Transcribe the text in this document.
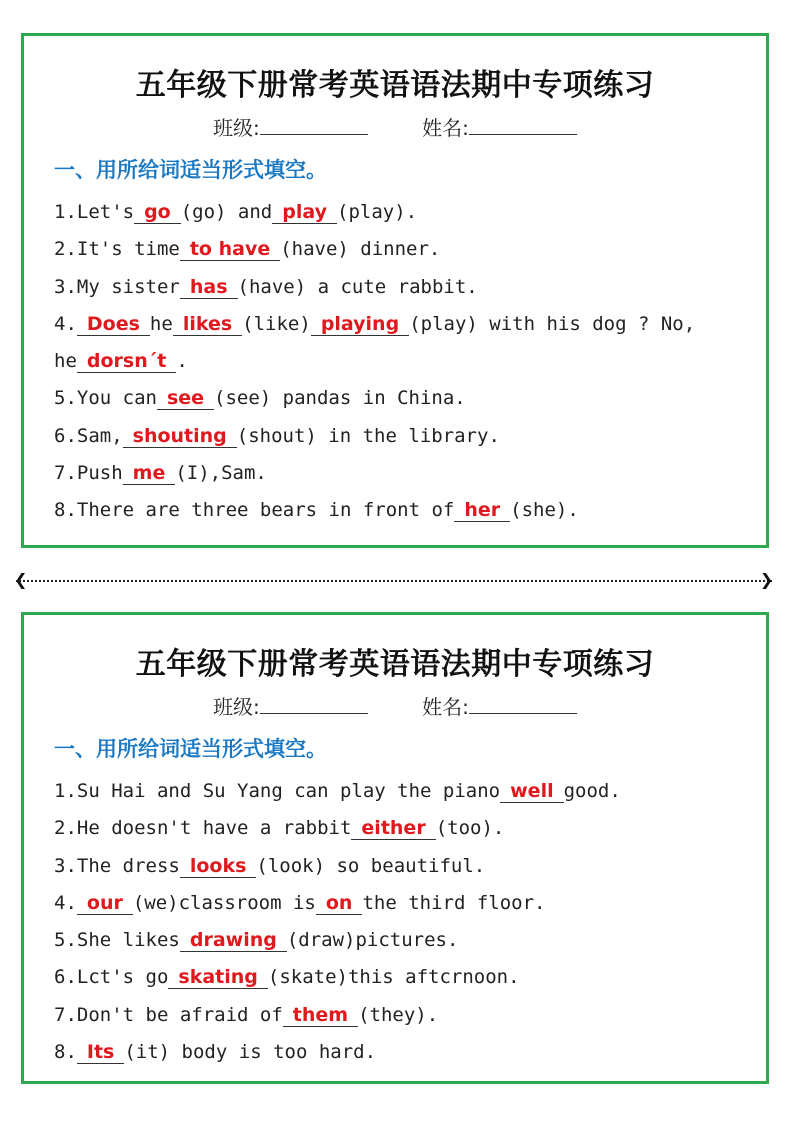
五年级下册常考英语语法期中专项练习
班级:	姓名:
一、用所给词适当形式填空。
1.Let's go (go) and play (play).
2.It's time to have (have) dinner.
3.My sister has (have) a cute rabbit.
4. Does he likes (like) playing (play) with his dog ? No,
he dorsn´t .
5.You can see (see) pandas in China.
6.Sam, shouting (shout) in the library.
7.Push me (I),Sam.
8.There are three bears in front of her (she).
❮	❯
五年级下册常考英语语法期中专项练习
班级:	姓名:
一、用所给词适当形式填空。
1.Su Hai and Su Yang can play the piano well good.
2.He doesn't have a rabbit either (too).
3.The dress looks (look) so beautiful.
4. our (we)classroom is on the third floor.
5.She likes drawing (draw)pictures.
6.Lct's go skating (skate)this aftcrnoon.
7.Don't be afraid of them (they).
8. Its (it) body is too hard.
